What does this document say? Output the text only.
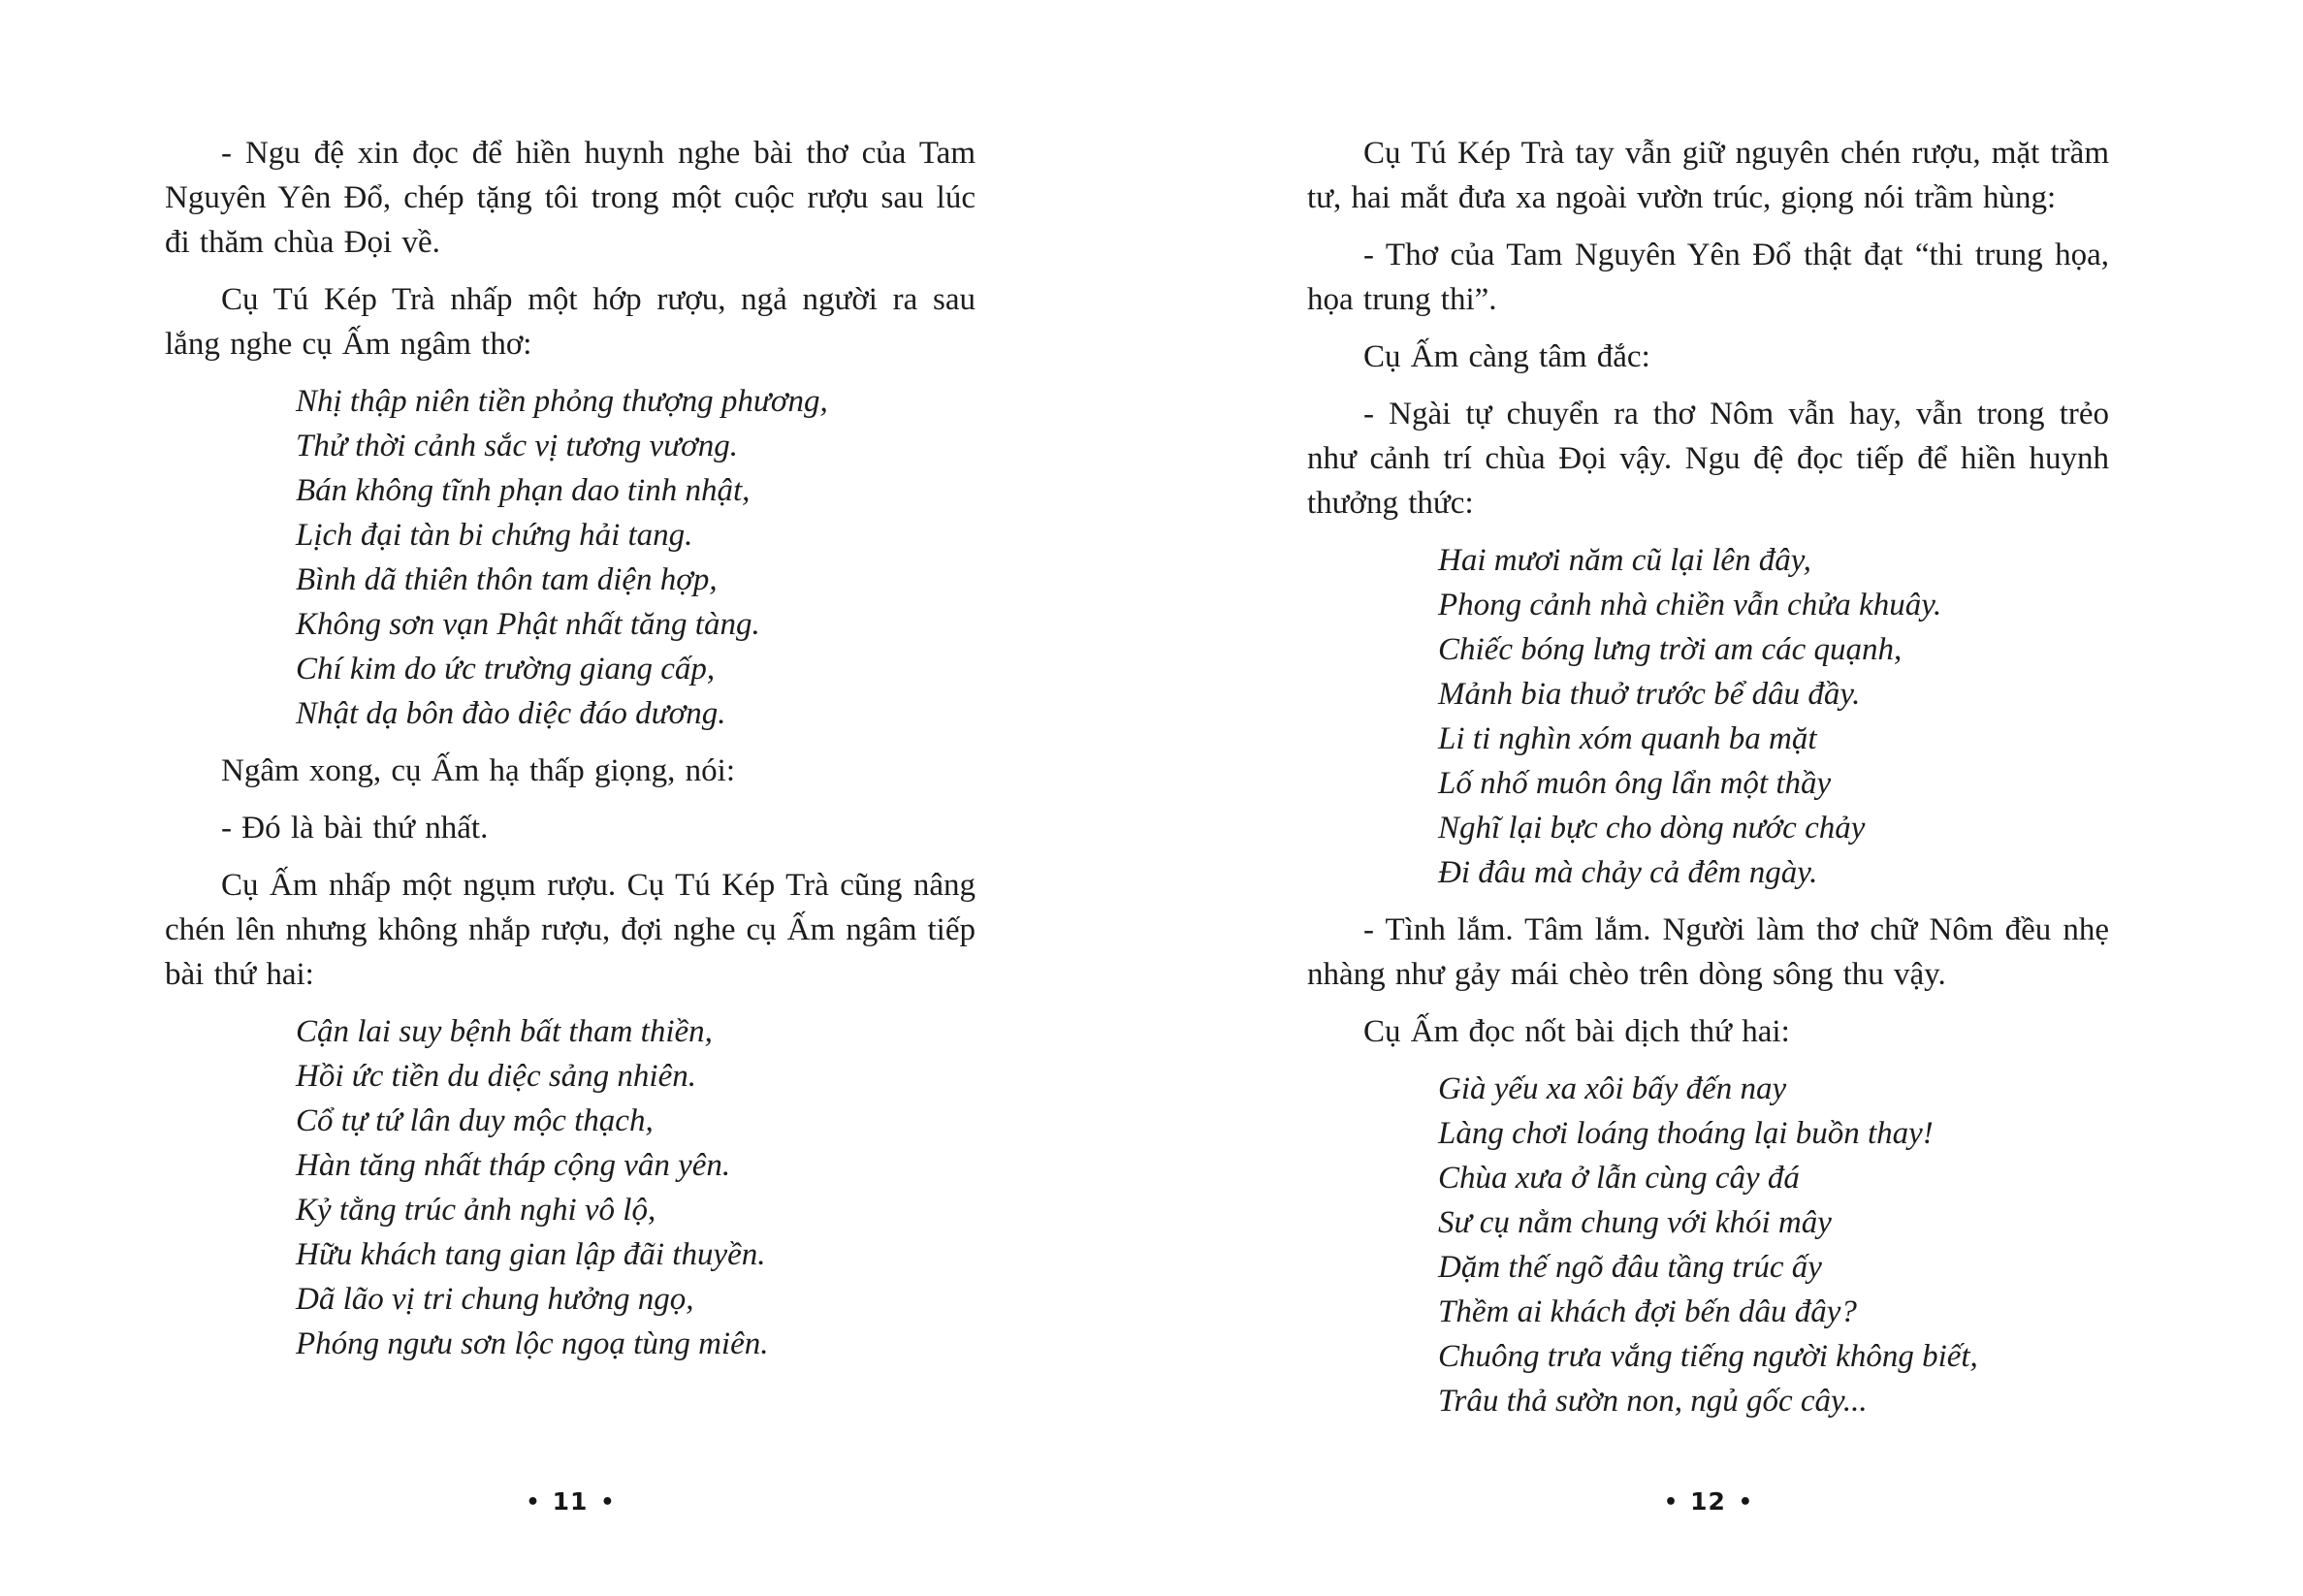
- Ngu đệ xin đọc để hiền huynh nghe bài thơ của Tam Nguyên Yên Đổ, chép tặng tôi trong một cuộc rượu sau lúc đi thăm chùa Đọi về.

Cụ Tú Kép Trà nhấp một hớp rượu, ngả người ra sau lắng nghe cụ Ấm ngâm thơ:

Nhị thập niên tiền phỏng thượng phương,
Thử thời cảnh sắc vị tương vương.
Bán không tĩnh phạn dao tinh nhật,
Lịch đại tàn bi chứng hải tang.
Bình dã thiên thôn tam diện hợp,
Không sơn vạn Phật nhất tăng tàng.
Chí kim do ức trường giang cấp,
Nhật dạ bôn đào diệc đáo dương.

Ngâm xong, cụ Ấm hạ thấp giọng, nói:

- Đó là bài thứ nhất.

Cụ Ấm nhấp một ngụm rượu. Cụ Tú Kép Trà cũng nâng chén lên nhưng không nhắp rượu, đợi nghe cụ Ấm ngâm tiếp bài thứ hai:

Cận lai suy bệnh bất tham thiền,
Hồi ức tiền du diệc sảng nhiên.
Cổ tự tứ lân duy mộc thạch,
Hàn tăng nhất tháp cộng vân yên.
Kỷ tằng trúc ảnh nghi vô lộ,
Hữu khách tang gian lập đãi thuyền.
Dã lão vị tri chung hưởng ngọ,
Phóng ngưu sơn lộc ngoạ tùng miên.
• 11 •

Cụ Tú Kép Trà tay vẫn giữ nguyên chén rượu, mặt trầm tư, hai mắt đưa xa ngoài vườn trúc, giọng nói trầm hùng:

- Thơ của Tam Nguyên Yên Đổ thật đạt “thi trung họa, họa trung thi”.

Cụ Ấm càng tâm đắc:

- Ngài tự chuyển ra thơ Nôm vẫn hay, vẫn trong trẻo như cảnh trí chùa Đọi vậy. Ngu đệ đọc tiếp để hiền huynh thưởng thức:

Hai mươi năm cũ lại lên đây,
Phong cảnh nhà chiền vẫn chửa khuây.
Chiếc bóng lưng trời am các quạnh,
Mảnh bia thuở trước bể dâu đầy.
Li ti nghìn xóm quanh ba mặt
Lố nhố muôn ông lẩn một thầy
Nghĩ lại bực cho dòng nước chảy
Đi đâu mà chảy cả đêm ngày.

- Tình lắm. Tâm lắm. Người làm thơ chữ Nôm đều nhẹ nhàng như gảy mái chèo trên dòng sông thu vậy.

Cụ Ấm đọc nốt bài dịch thứ hai:

Già yếu xa xôi bấy đến nay
Làng chơi loáng thoáng lại buồn thay!
Chùa xưa ở lẫn cùng cây đá
Sư cụ nằm chung với khói mây
Dặm thế ngõ đâu tầng trúc ấy
Thềm ai khách đợi bến dâu đây?
Chuông trưa vắng tiếng người không biết,
Trâu thả sườn non, ngủ gốc cây...
• 12 •
